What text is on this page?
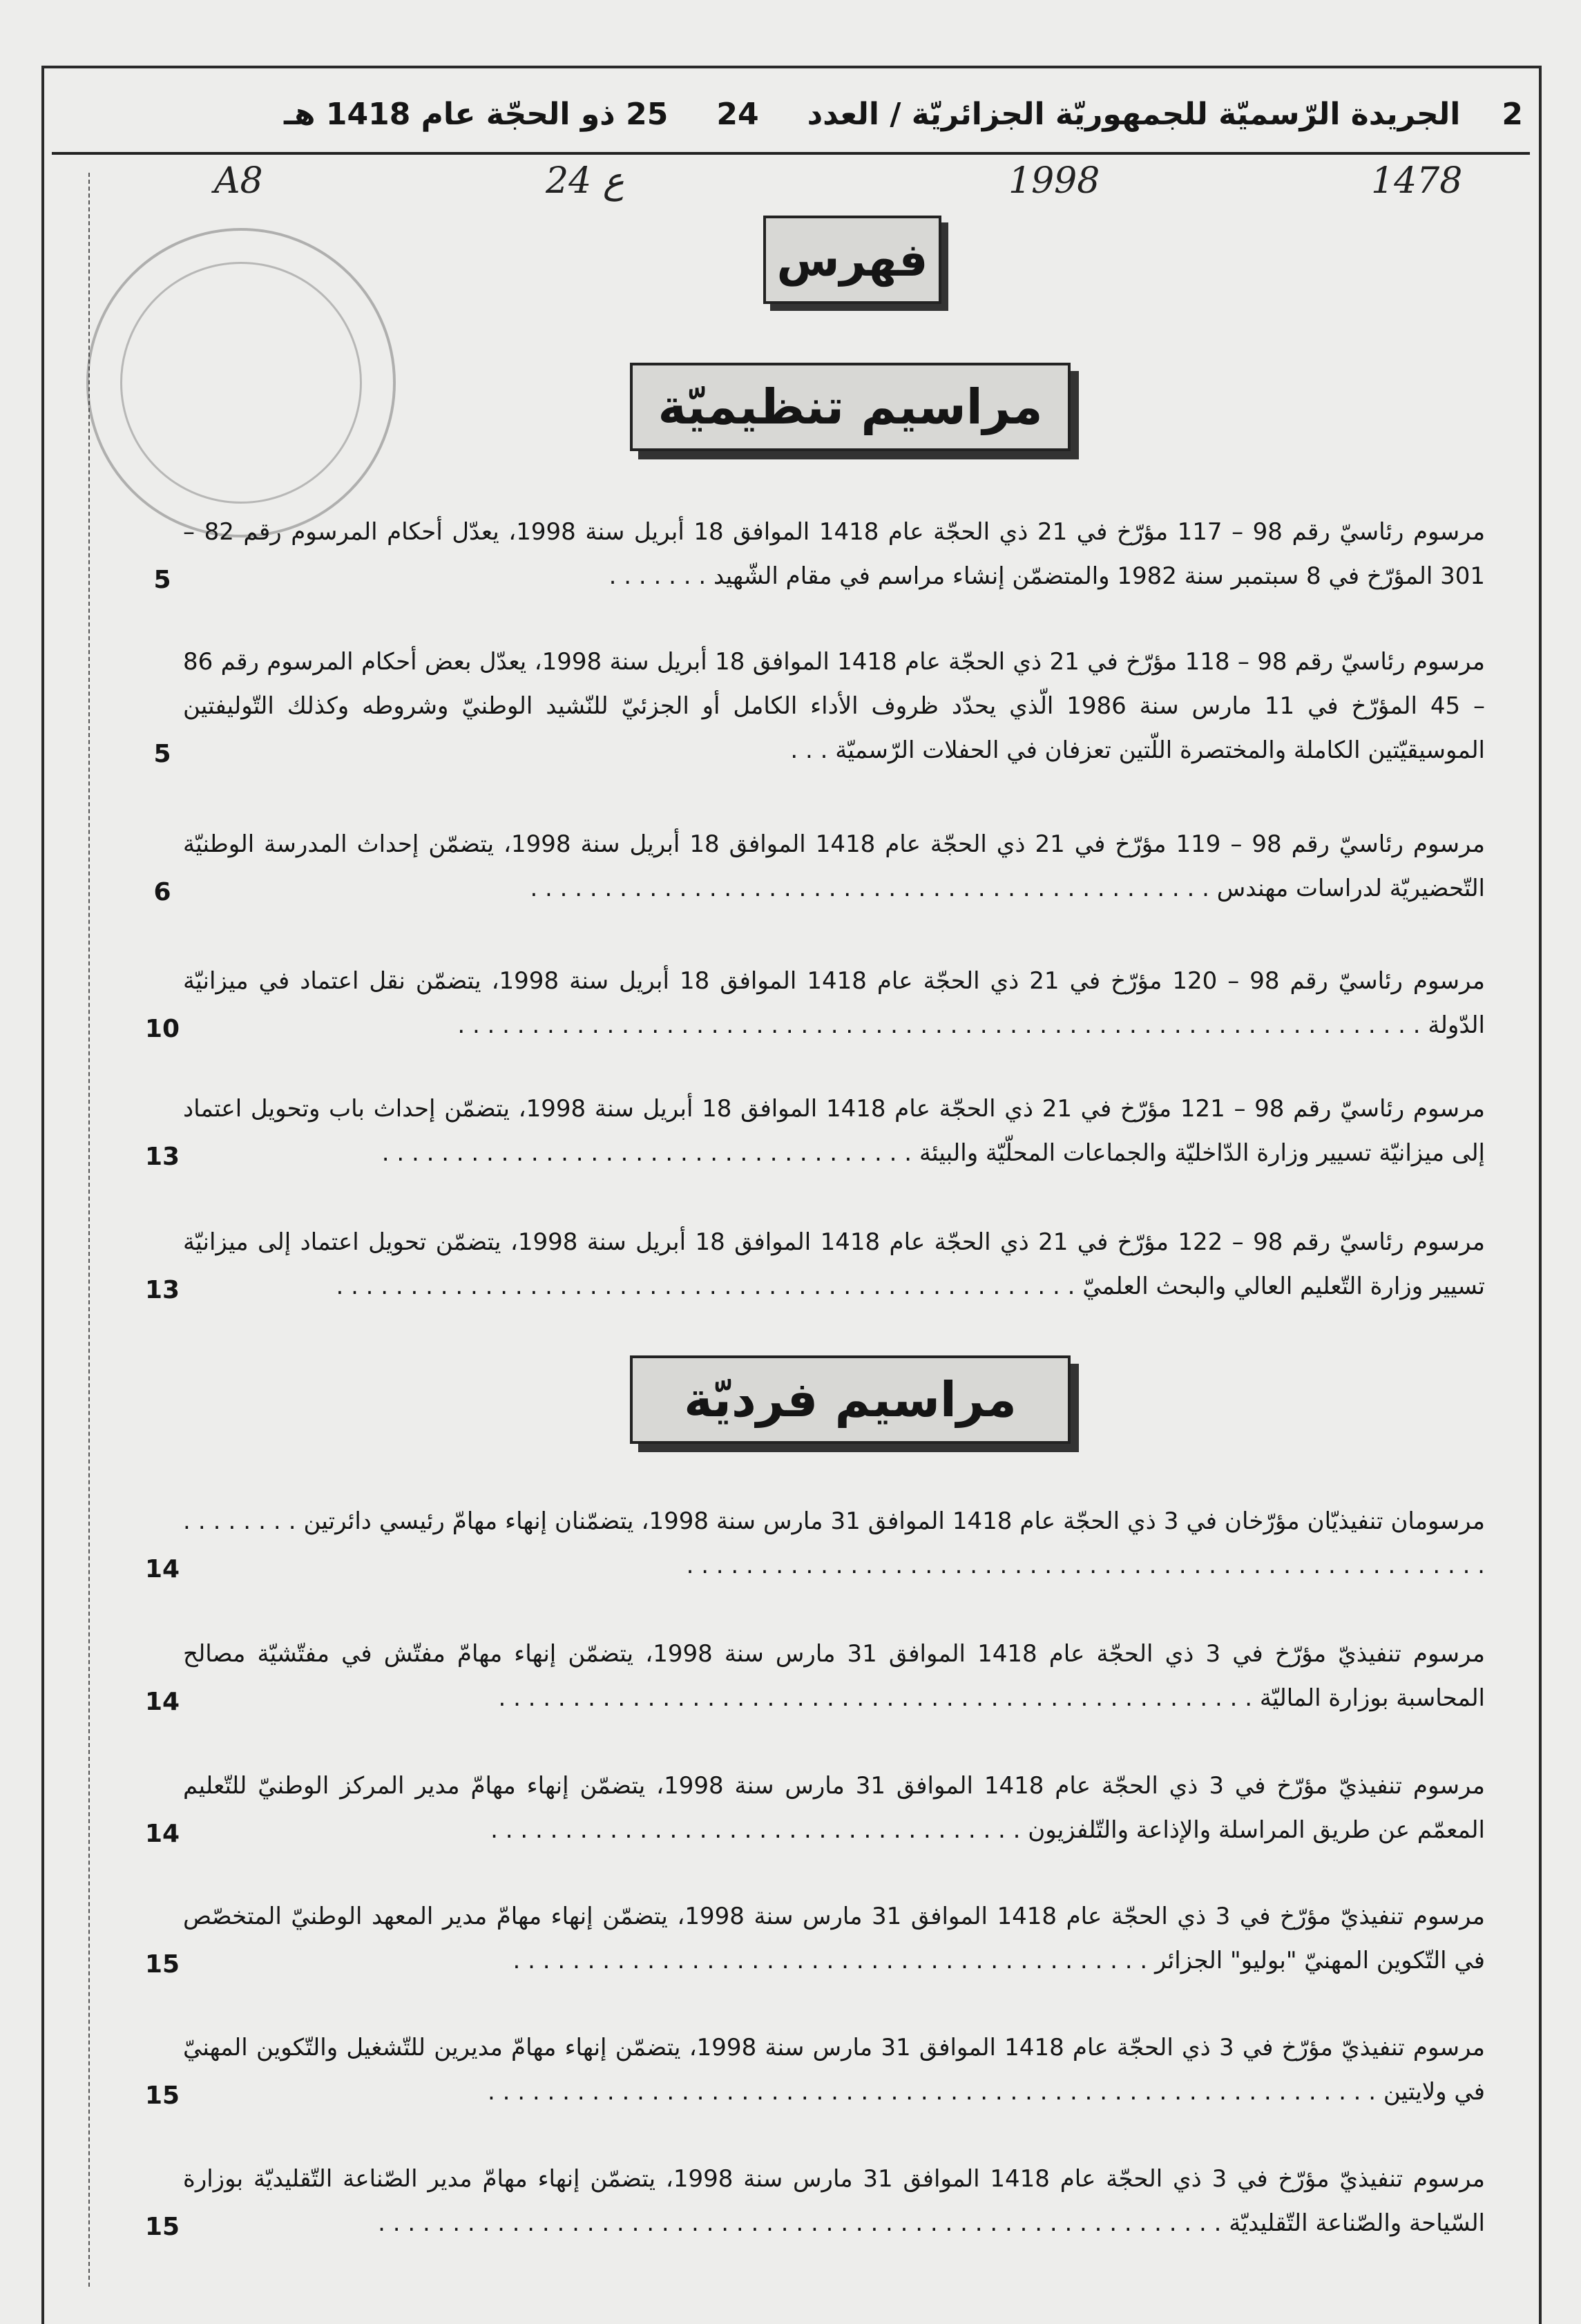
2
الجريدة الرّسميّة للجمهوريّة الجزائريّة / العدد
24
25 ذو الحجّة عام 1418 هـ
A8	ع 24	1998	1478
فهرس
مراسيم تنظيميّة
مرسوم رئاسيّ رقم 98 – 117 مؤرّخ في 21 ذي الحجّة عام 1418 الموافق 18 أبريل سنة 1998، يعدّل أحكام المرسوم رقم 82 – 301 المؤرّخ في 8 سبتمبر سنة 1982 والمتضمّن إنشاء مراسم في مقام الشّهيد . . . . . . .
5
مرسوم رئاسيّ رقم 98 – 118 مؤرّخ في 21 ذي الحجّة عام 1418 الموافق 18 أبريل سنة 1998، يعدّل بعض أحكام المرسوم رقم 86 – 45 المؤرّخ في 11 مارس سنة 1986 الّذي يحدّد ظروف الأداء الكامل أو الجزئيّ للنّشيد الوطنيّ وشروطه وكذلك التّوليفتين الموسيقيّتين الكاملة والمختصرة اللّتين تعزفان في الحفلات الرّسميّة . . .
5
مرسوم رئاسيّ رقم 98 – 119 مؤرّخ في 21 ذي الحجّة عام 1418 الموافق 18 أبريل سنة 1998، يتضمّن إحداث المدرسة الوطنيّة التّحضيريّة لدراسات مهندس . . . . . . . . . . . . . . . . . . . . . . . . . . . . . . . . . . . . . . . . . . . . . .
6
مرسوم رئاسيّ رقم 98 – 120 مؤرّخ في 21 ذي الحجّة عام 1418 الموافق 18 أبريل سنة 1998، يتضمّن نقل اعتماد في ميزانيّة الدّولة . . . . . . . . . . . . . . . . . . . . . . . . . . . . . . . . . . . . . . . . . . . . . . . . . . . . . . . . . . . . . . . . .
10
مرسوم رئاسيّ رقم 98 – 121 مؤرّخ في 21 ذي الحجّة عام 1418 الموافق 18 أبريل سنة 1998، يتضمّن إحداث باب وتحويل اعتماد إلى ميزانيّة تسيير وزارة الدّاخليّة والجماعات المحلّيّة والبيئة . . . . . . . . . . . . . . . . . . . . . . . . . . . . . . . . . . . .
13
مرسوم رئاسيّ رقم 98 – 122 مؤرّخ في 21 ذي الحجّة عام 1418 الموافق 18 أبريل سنة 1998، يتضمّن تحويل اعتماد إلى ميزانيّة تسيير وزارة التّعليم العالي والبحث العلميّ . . . . . . . . . . . . . . . . . . . . . . . . . . . . . . . . . . . . . . . . . . . . . . . . . .
13
مراسيم فرديّة
مرسومان تنفيذيّان مؤرّخان في 3 ذي الحجّة عام 1418 الموافق 31 مارس سنة 1998، يتضمّنان إنهاء مهامّ رئيسي دائرتين . . . . . . . . . . . . . . . . . . . . . . . . . . . . . . . . . . . . . . . . . . . . . . . . . . . . . . . . . . . . . .
14
مرسوم تنفيذيّ مؤرّخ في 3 ذي الحجّة عام 1418 الموافق 31 مارس سنة 1998، يتضمّن إنهاء مهامّ مفتّش في مفتّشيّة مصالح المحاسبة بوزارة الماليّة . . . . . . . . . . . . . . . . . . . . . . . . . . . . . . . . . . . . . . . . . . . . . . . . . . .
14
مرسوم تنفيذيّ مؤرّخ في 3 ذي الحجّة عام 1418 الموافق 31 مارس سنة 1998، يتضمّن إنهاء مهامّ مدير المركز الوطنيّ للتّعليم المعمّم عن طريق المراسلة والإذاعة والتّلفزيون . . . . . . . . . . . . . . . . . . . . . . . . . . . . . . . . . . . .
14
مرسوم تنفيذيّ مؤرّخ في 3 ذي الحجّة عام 1418 الموافق 31 مارس سنة 1998، يتضمّن إنهاء مهامّ مدير المعهد الوطنيّ المتخصّص في التّكوين المهنيّ "بوليو" الجزائر . . . . . . . . . . . . . . . . . . . . . . . . . . . . . . . . . . . . . . . . . . .
15
مرسوم تنفيذيّ مؤرّخ في 3 ذي الحجّة عام 1418 الموافق 31 مارس سنة 1998، يتضمّن إنهاء مهامّ مديرين للتّشغيل والتّكوين المهنيّ في ولايتين . . . . . . . . . . . . . . . . . . . . . . . . . . . . . . . . . . . . . . . . . . . . . . . . . . . . . . . . . . . .
15
مرسوم تنفيذيّ مؤرّخ في 3 ذي الحجّة عام 1418 الموافق 31 مارس سنة 1998، يتضمّن إنهاء مهامّ مدير الصّناعة التّقليديّة بوزارة السّياحة والصّناعة التّقليديّة . . . . . . . . . . . . . . . . . . . . . . . . . . . . . . . . . . . . . . . . . . . . . . . . . . . . . . . . .
15
